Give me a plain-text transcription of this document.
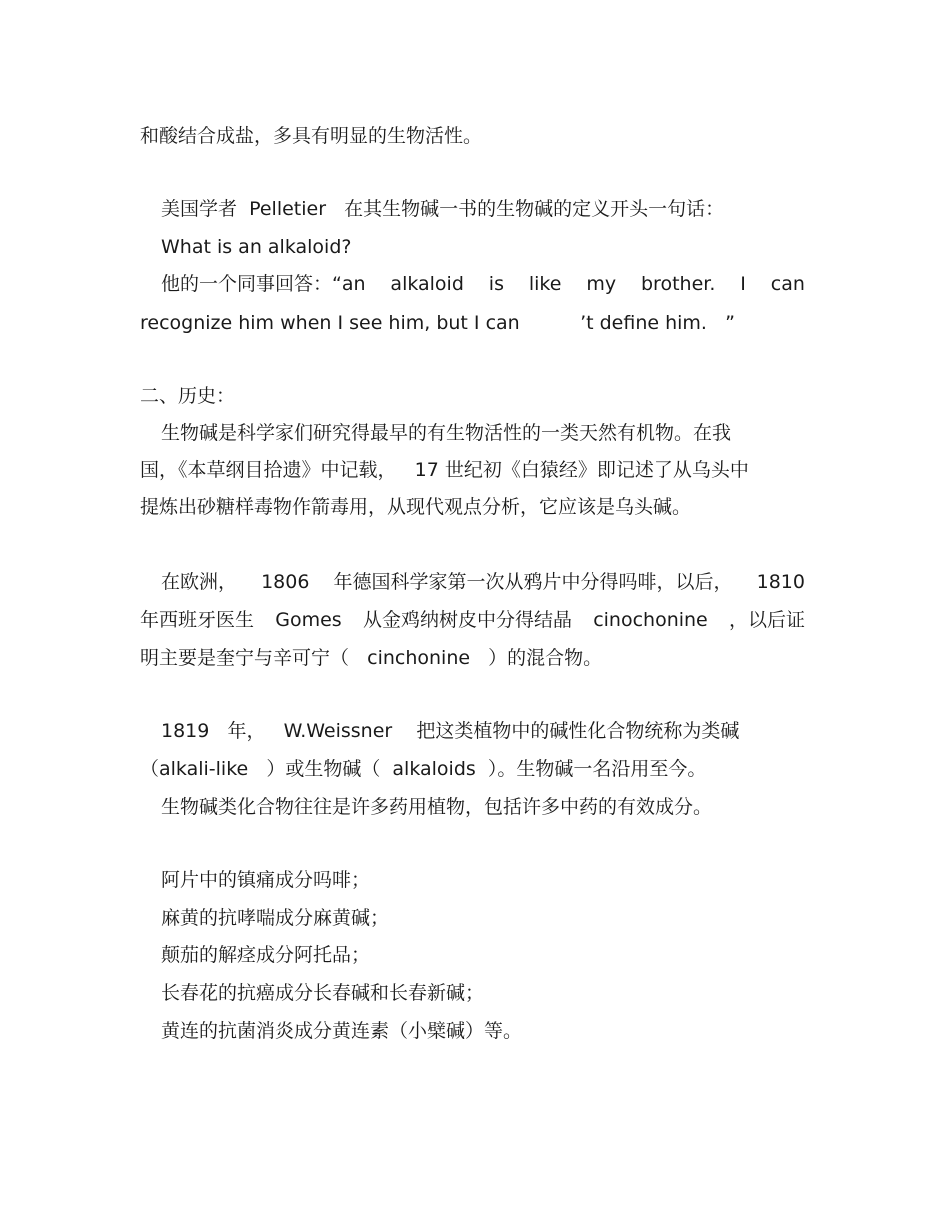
和酸结合成盐，多具有明显的生物活性。
美国学者  Pelletier   在其生物碱一书的生物碱的定义开头一句话：
What is an alkaloid?
他的一个同事回答：“an alkaloid is like my brother. I can
recognize him when I see him, but I can          ’t define him.   ”
二、历史：
生物碱是科学家们研究得最早的有生物活性的一类天然有机物。在我
国，《本草纲目拾遗》中记载，   17 世纪初《白猿经》即记述了从乌头中
提炼出砂糖样毒物作箭毒用，从现代观点分析，它应该是乌头碱。
在欧洲， 1806 年德国科学家第一次从鸦片中分得吗啡，以后， 1810
年西班牙医生 Gomes 从金鸡纳树皮中分得结晶 cinochonine ，以后证
明主要是奎宁与辛可宁（   cinchonine   ）的混合物。
1819   年，   W.Weissner    把这类植物中的碱性化合物统称为类碱
（alkali-like   ）或生物碱（  alkaloids  ）。生物碱一名沿用至今。
生物碱类化合物往往是许多药用植物，包括许多中药的有效成分。
阿片中的镇痛成分吗啡；
麻黄的抗哮喘成分麻黄碱；
颠茄的解痉成分阿托品；
长春花的抗癌成分长春碱和长春新碱；
黄连的抗菌消炎成分黄连素（小檗碱）等。
